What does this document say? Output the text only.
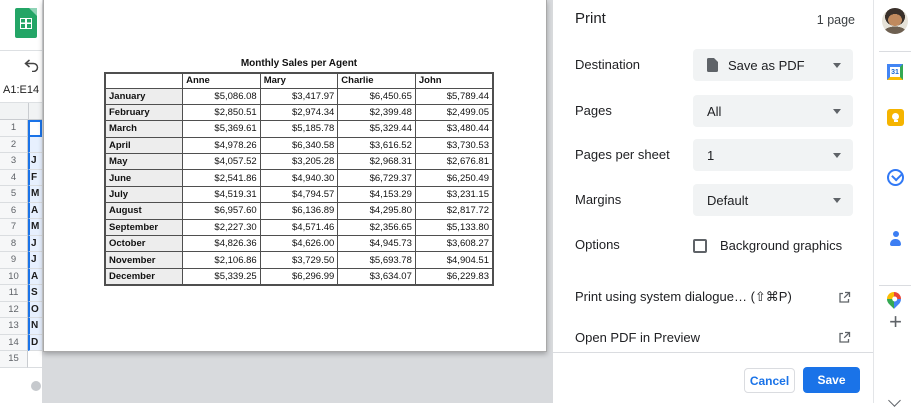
A1:E14
1
2
3	J
4	F
5	M
6	A
7	M
8	J
9	J
10	A
11	S
12	O
13	N
14	D
15
Monthly Sales per Agent
	Anne	Mary	Charlie	John
January	$5,086.08	$3,417.97	$6,450.65	$5,789.44
February	$2,850.51	$2,974.34	$2,399.48	$2,499.05
March	$5,369.61	$5,185.78	$5,329.44	$3,480.44
April	$4,978.26	$6,340.58	$3,616.52	$3,730.53
May	$4,057.52	$3,205.28	$2,968.31	$2,676.81
June	$2,541.86	$4,940.30	$6,729.37	$6,250.49
July	$4,519.31	$4,794.57	$4,153.29	$3,231.15
August	$6,957.60	$6,136.89	$4,295.80	$2,817.72
September	$2,227.30	$4,571.46	$2,356.65	$5,133.80
October	$4,826.36	$4,626.00	$4,945.73	$3,608.27
November	$2,106.86	$3,729.50	$5,693.78	$4,904.51
December	$5,339.25	$6,296.99	$3,634.07	$6,229.83
Print	1 page
Destination	Save as PDF
Pages	All
Pages per sheet	1
Margins	Default
Options	Background graphics
Print using system dialogue… (⇧⌘P)
Open PDF in Preview
Cancel	Save
31
+
